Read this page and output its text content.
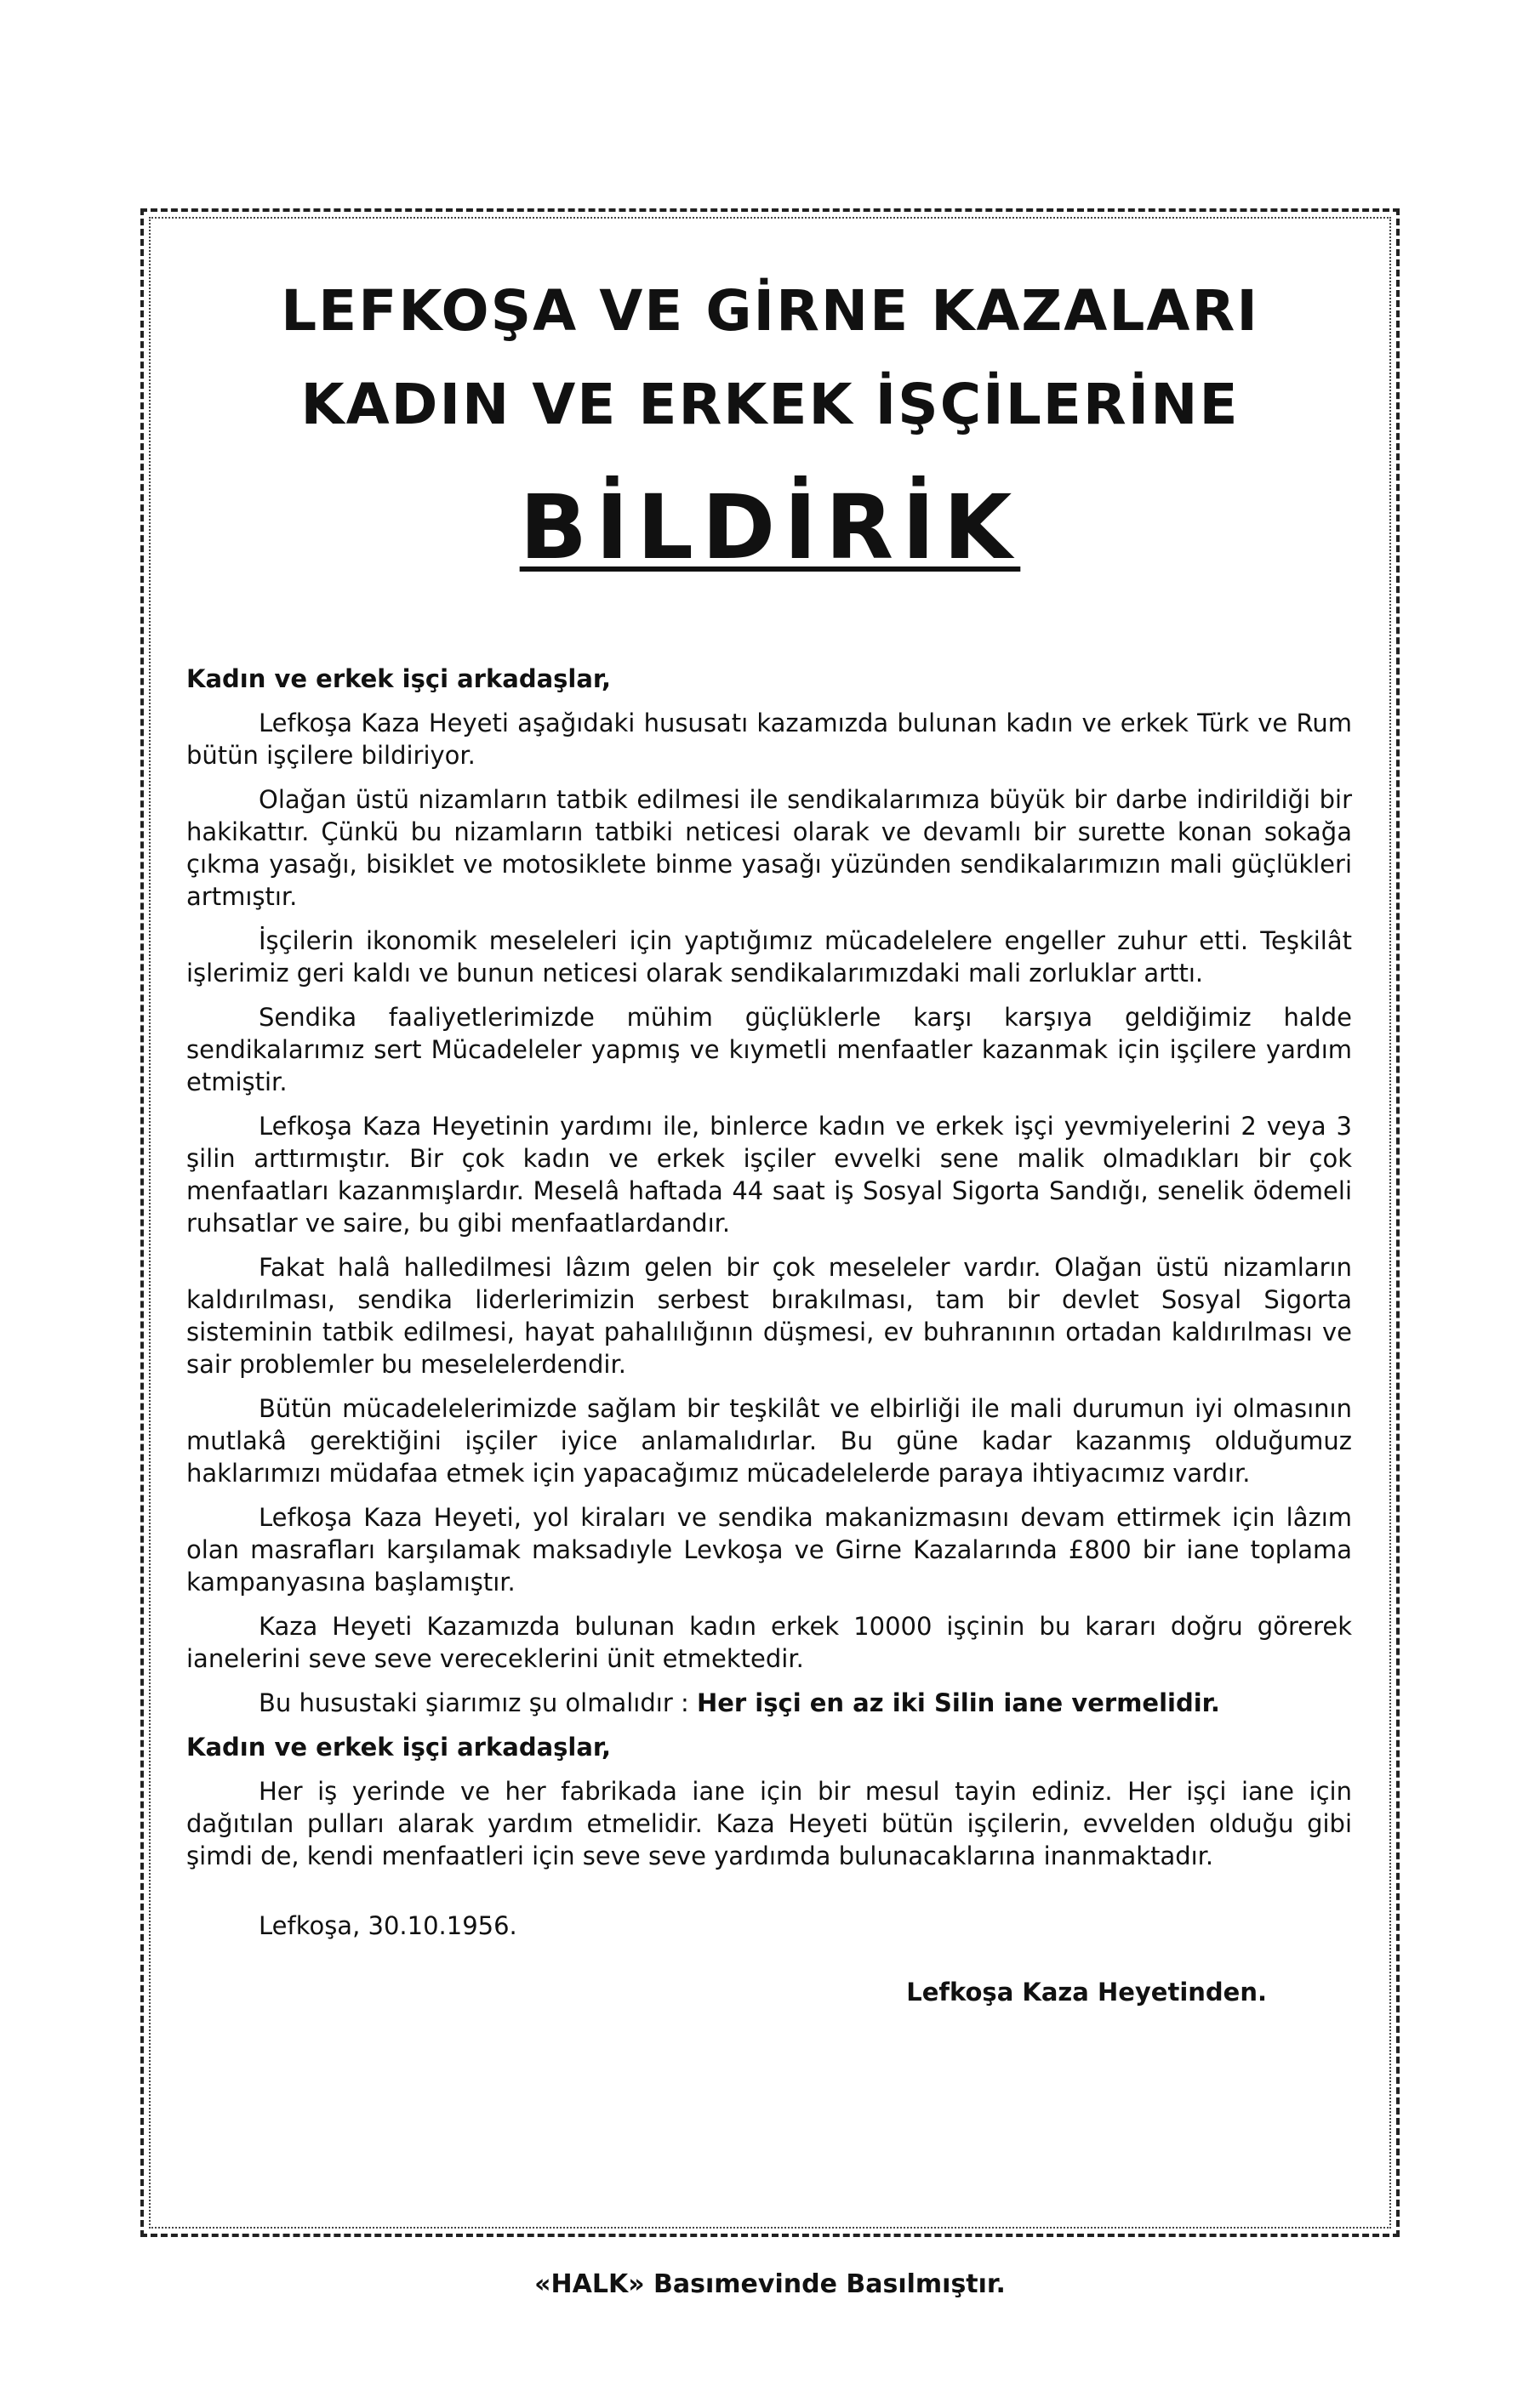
LEFKOŞA VE GİRNE KAZALARI
KADIN VE ERKEK İŞÇİLERİNE
BİLDİRİK

Kadın ve erkek işçi arkadaşlar,

Lefkoşa Kaza Heyeti aşağıdaki hususatı kazamızda bulunan kadın ve erkek Türk ve Rum bütün işçilere bildiriyor.

Olağan üstü nizamların tatbik edilmesi ile sendikalarımıza büyük bir darbe indirildiği bir hakikattır. Çünkü bu nizamların tatbiki neticesi olarak ve devamlı bir surette konan sokağa çıkma yasağı, bisiklet ve motosiklete binme yasağı yüzünden sendikalarımızın mali güçlükleri artmıştır.

İşçilerin ikonomik meseleleri için yaptığımız mücadelelere engeller zuhur etti. Teşkilât işlerimiz geri kaldı ve bunun neticesi olarak sendikalarımızdaki mali zorluklar arttı.

Sendika faaliyetlerimizde mühim güçlüklerle karşı karşıya geldiğimiz halde sendikalarımız sert Mücadeleler yapmış ve kıymetli menfaatler kazanmak için işçilere yardım etmiştir.

Lefkoşa Kaza Heyetinin yardımı ile, binlerce kadın ve erkek işçi yevmiyelerini 2 veya 3 şilin arttırmıştır. Bir çok kadın ve erkek işçiler evvelki sene malik olmadıkları bir çok menfaatları kazanmışlardır. Meselâ haftada 44 saat iş Sosyal Sigorta Sandığı, senelik ödemeli ruhsatlar ve saire, bu gibi menfaatlardandır.

Fakat halâ halledilmesi lâzım gelen bir çok meseleler vardır. Olağan üstü nizamların kaldırılması, sendika liderlerimizin serbest bırakılması, tam bir devlet Sosyal Sigorta sisteminin tatbik edilmesi, hayat pahalılığının düşmesi, ev buhranının ortadan kaldırılması ve sair problemler bu meselelerdendir.

Bütün mücadelelerimizde sağlam bir teşkilât ve elbirliği ile mali durumun iyi olmasının mutlakâ gerektiğini işçiler iyice anlamalıdırlar. Bu güne kadar kazanmış olduğumuz haklarımızı müdafaa etmek için yapacağımız mücadelelerde paraya ihtiyacımız vardır.

Lefkoşa Kaza Heyeti, yol kiraları ve sendika makanizmasını devam ettirmek için lâzım olan masrafları karşılamak maksadıyle Levkoşa ve Girne Kazalarında £800 bir iane toplama kampanyasına başlamıştır.

Kaza Heyeti Kazamızda bulunan kadın erkek 10000 işçinin bu kararı doğru görerek ianelerini seve seve vereceklerini ünit etmektedir.

Bu husustaki şiarımız şu olmalıdır : Her işçi en az iki Silin iane vermelidir.

Kadın ve erkek işçi arkadaşlar,

Her iş yerinde ve her fabrikada iane için bir mesul tayin ediniz. Her işçi iane için dağıtılan pulları alarak yardım etmelidir. Kaza Heyeti bütün işçilerin, evvelden olduğu gibi şimdi de, kendi menfaatleri için seve seve yardımda bulunacaklarına inanmaktadır.

Lefkoşa, 30.10.1956.

Lefkoşa Kaza Heyetinden.

«HALK» Basımevinde Basılmıştır.
